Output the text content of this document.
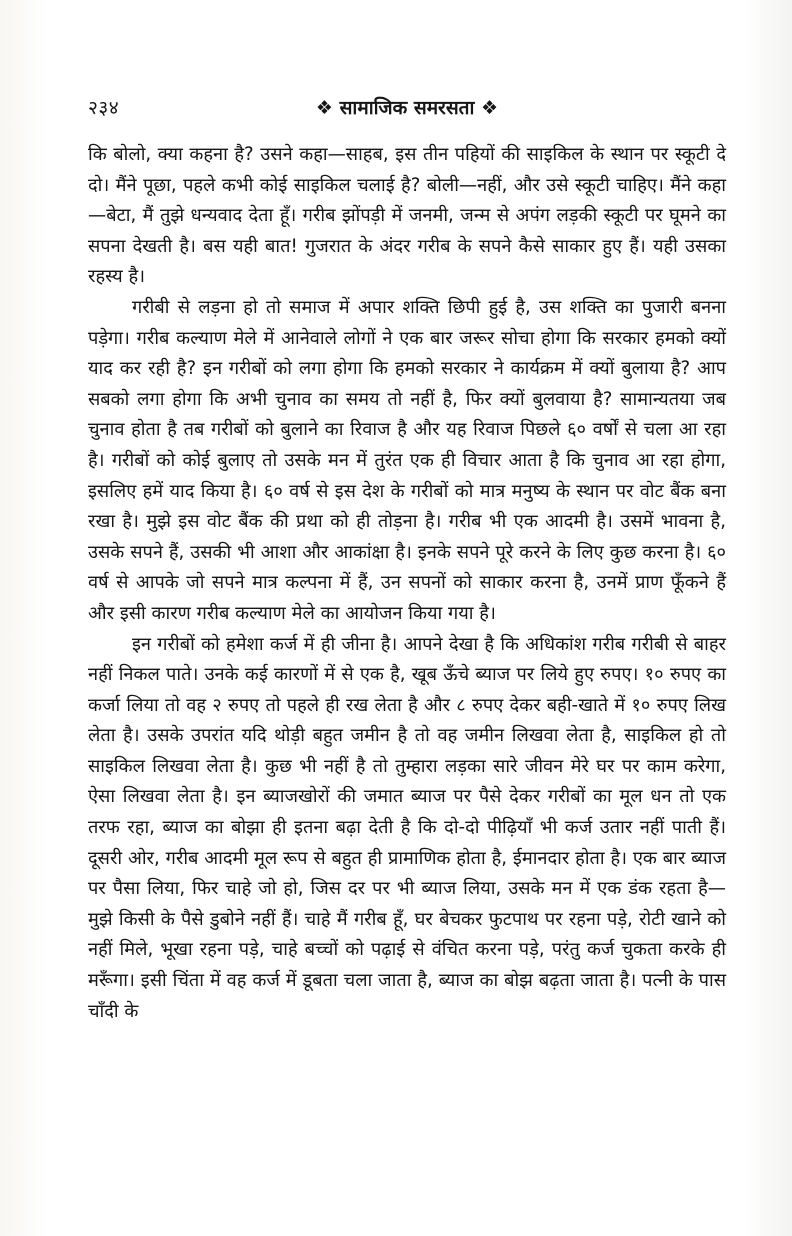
२३४	❖ सामाजिक समरसता ❖

कि बोलो, क्या कहना है? उसने कहा—साहब, इस तीन पहियों की साइकिल के स्थान पर स्कूटी दे दो। मैंने पूछा, पहले कभी कोई साइकिल चलाई है? बोली—नहीं, और उसे स्कूटी चाहिए। मैंने कहा—बेटा, मैं तुझे धन्यवाद देता हूँ। गरीब झोंपड़ी में जनमी, जन्म से अपंग लड़की स्कूटी पर घूमने का सपना देखती है। बस यही बात! गुजरात के अंदर गरीब के सपने कैसे साकार हुए हैं। यही उसका रहस्य है।

गरीबी से लड़ना हो तो समाज में अपार शक्ति छिपी हुई है, उस शक्ति का पुजारी बनना पड़ेगा। गरीब कल्याण मेले में आनेवाले लोगों ने एक बार जरूर सोचा होगा कि सरकार हमको क्यों याद कर रही है? इन गरीबों को लगा होगा कि हमको सरकार ने कार्यक्रम में क्यों बुलाया है? आप सबको लगा होगा कि अभी चुनाव का समय तो नहीं है, फिर क्यों बुलवाया है? सामान्यतया जब चुनाव होता है तब गरीबों को बुलाने का रिवाज है और यह रिवाज पिछले ६० वर्षों से चला आ रहा है। गरीबों को कोई बुलाए तो उसके मन में तुरंत एक ही विचार आता है कि चुनाव आ रहा होगा, इसलिए हमें याद किया है। ६० वर्ष से इस देश के गरीबों को मात्र मनुष्य के स्थान पर वोट बैंक बना रखा है। मुझे इस वोट बैंक की प्रथा को ही तोड़ना है। गरीब भी एक आदमी है। उसमें भावना है, उसके सपने हैं, उसकी भी आशा और आकांक्षा है। इनके सपने पूरे करने के लिए कुछ करना है। ६० वर्ष से आपके जो सपने मात्र कल्पना में हैं, उन सपनों को साकार करना है, उनमें प्राण फूँकने हैं और इसी कारण गरीब कल्याण मेले का आयोजन किया गया है।

इन गरीबों को हमेशा कर्ज में ही जीना है। आपने देखा है कि अधिकांश गरीब गरीबी से बाहर नहीं निकल पाते। उनके कई कारणों में से एक है, खूब ऊँचे ब्याज पर लिये हुए रुपए। १० रुपए का कर्जा लिया तो वह २ रुपए तो पहले ही रख लेता है और ८ रुपए देकर बही-खाते में १० रुपए लिख लेता है। उसके उपरांत यदि थोड़ी बहुत जमीन है तो वह जमीन लिखवा लेता है, साइकिल हो तो साइकिल लिखवा लेता है। कुछ भी नहीं है तो तुम्हारा लड़का सारे जीवन मेरे घर पर काम करेगा, ऐसा लिखवा लेता है। इन ब्याजखोरों की जमात ब्याज पर पैसे देकर गरीबों का मूल धन तो एक तरफ रहा, ब्याज का बोझा ही इतना बढ़ा देती है कि दो-दो पीढ़ियाँ भी कर्ज उतार नहीं पाती हैं। दूसरी ओर, गरीब आदमी मूल रूप से बहुत ही प्रामाणिक होता है, ईमानदार होता है। एक बार ब्याज पर पैसा लिया, फिर चाहे जो हो, जिस दर पर भी ब्याज लिया, उसके मन में एक डंक रहता है—मुझे किसी के पैसे डुबोने नहीं हैं। चाहे मैं गरीब हूँ, घर बेचकर फुटपाथ पर रहना पड़े, रोटी खाने को नहीं मिले, भूखा रहना पड़े, चाहे बच्चों को पढ़ाई से वंचित करना पड़े, परंतु कर्ज चुकता करके ही मरूँगा। इसी चिंता में वह कर्ज में डूबता चला जाता है, ब्याज का बोझ बढ़ता जाता है। पत्नी के पास चाँदी के
